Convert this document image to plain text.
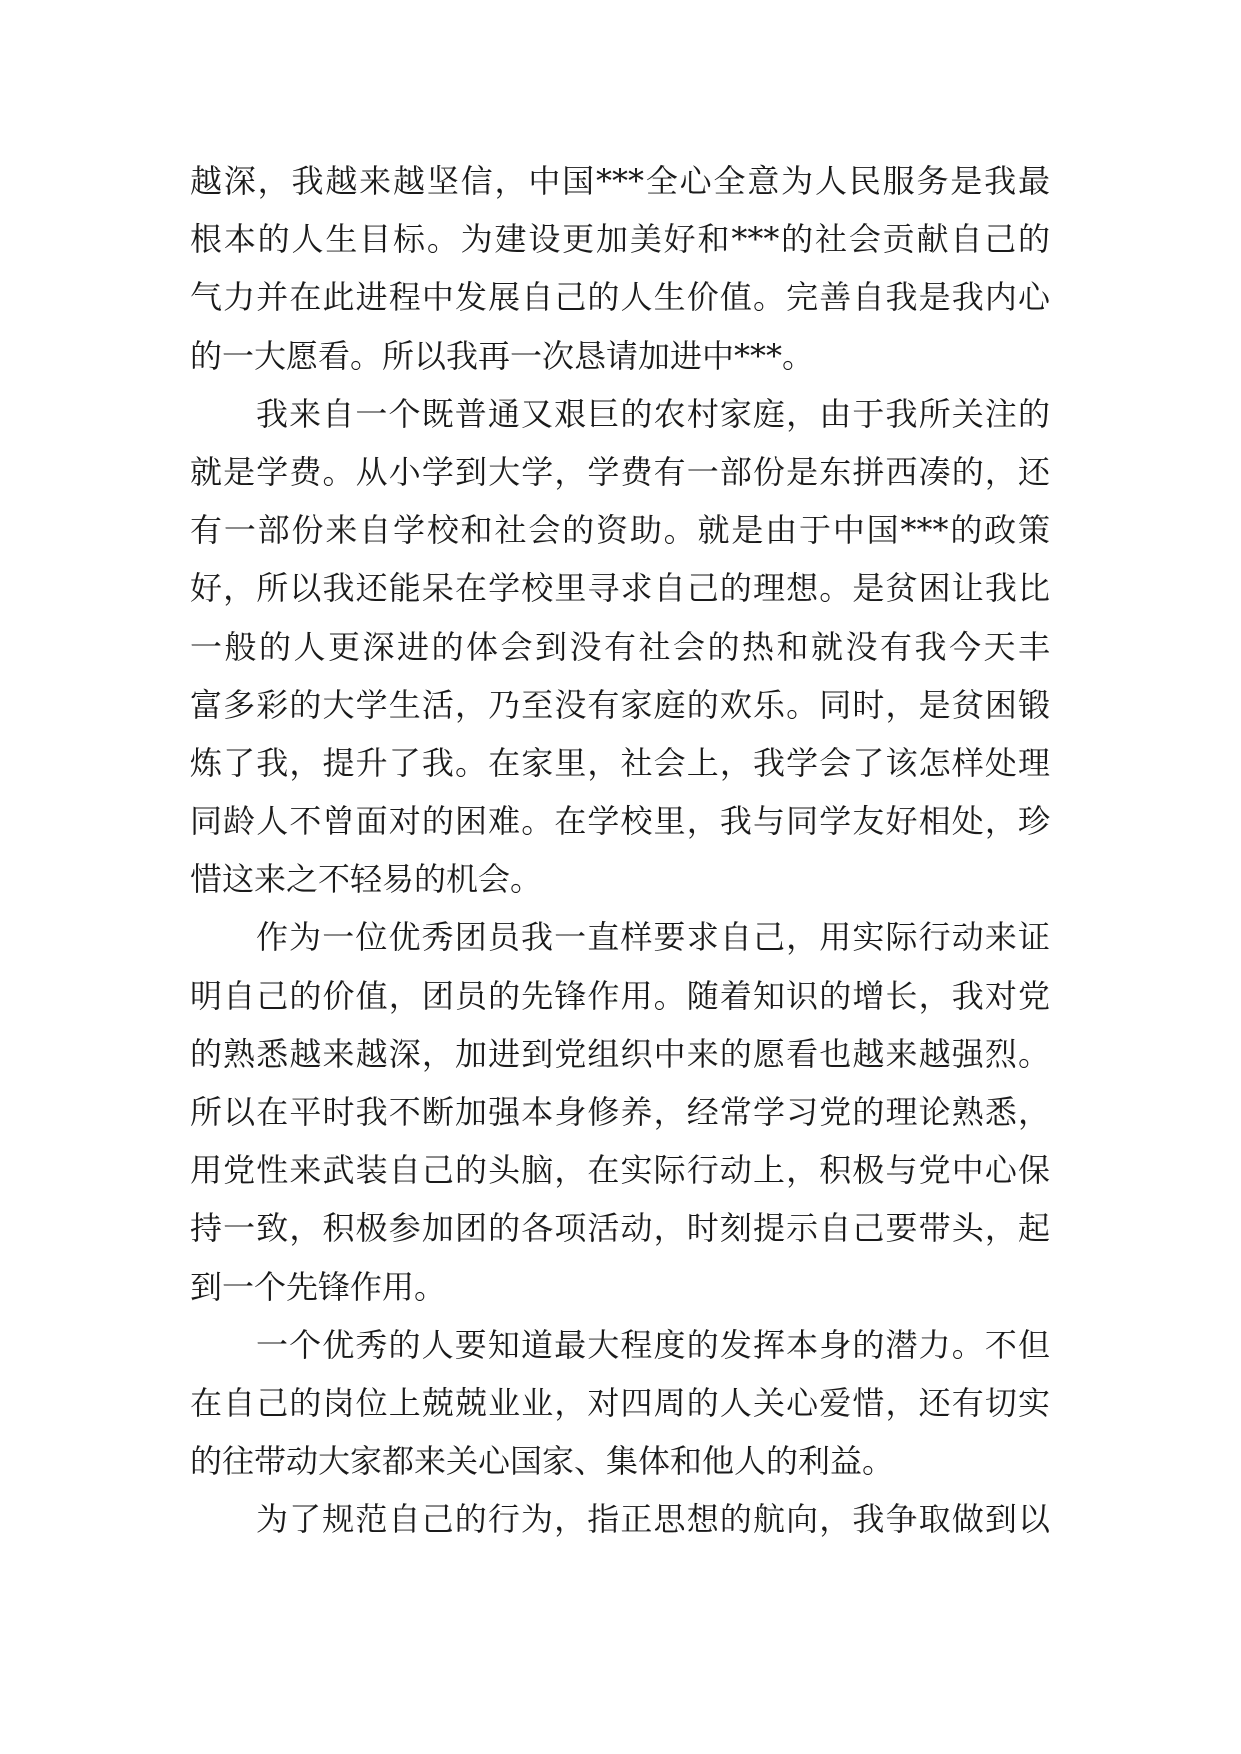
越深，我越来越坚信，中国***全心全意为人民服务是我最
根本的人生目标。为建设更加美好和***的社会贡献自己的
气力并在此进程中发展自己的人生价值。完善自我是我内心
的一大愿看。所以我再一次恳请加进中***。
我来自一个既普通又艰巨的农村家庭，由于我所关注的
就是学费。从小学到大学，学费有一部份是东拼西凑的，还
有一部份来自学校和社会的资助。就是由于中国***的政策
好，所以我还能呆在学校里寻求自己的理想。是贫困让我比
一般的人更深进的体会到没有社会的热和就没有我今天丰
富多彩的大学生活，乃至没有家庭的欢乐。同时，是贫困锻
炼了我，提升了我。在家里，社会上，我学会了该怎样处理
同龄人不曾面对的困难。在学校里，我与同学友好相处，珍
惜这来之不轻易的机会。
作为一位优秀团员我一直样要求自己，用实际行动来证
明自己的价值，团员的先锋作用。随着知识的增长，我对党
的熟悉越来越深，加进到党组织中来的愿看也越来越强烈。
所以在平时我不断加强本身修养，经常学习党的理论熟悉，
用党性来武装自己的头脑，在实际行动上，积极与党中心保
持一致，积极参加团的各项活动，时刻提示自己要带头，起
到一个先锋作用。
一个优秀的人要知道最大程度的发挥本身的潜力。不但
在自己的岗位上兢兢业业，对四周的人关心爱惜，还有切实
的往带动大家都来关心国家、集体和他人的利益。
为了规范自己的行为，指正思想的航向，我争取做到以
